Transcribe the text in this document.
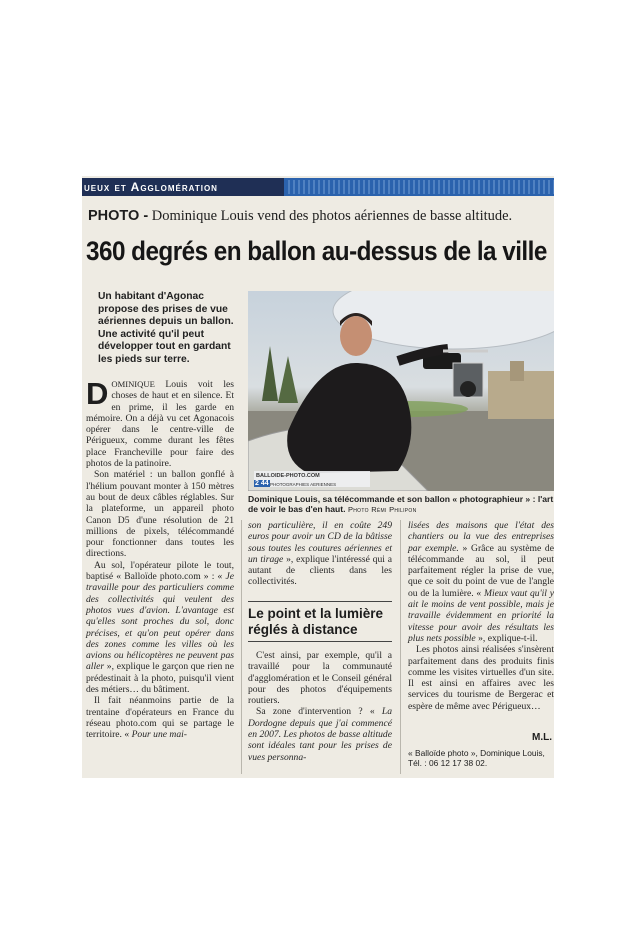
ueux et Agglomération
PHOTO - Dominique Louis vend des photos aériennes de basse altitude.
360 degrés en ballon au-dessus de la ville
Un habitant d'Agonac propose des prises de vue aériennes depuis un ballon. Une activité qu'il peut développer tout en gardant les pieds sur terre.

DOMINIQUE Louis voit les choses de haut et en silence. Et en prime, il les garde en mémoire. On a déjà vu cet Agonacois opérer dans le centre-ville de Périgueux, comme durant les fêtes place Francheville pour faire des photos de la patinoire.

Son matériel : un ballon gonflé à l'hélium pouvant monter à 150 mètres au bout de deux câbles réglables. Sur la plateforme, un appareil photo Canon D5 d'une résolution de 21 millions de pixels, télécommandé pour fonctionner dans toutes les directions.

Au sol, l'opérateur pilote le tout, baptisé « Balloïde photo.com » : « Je travaille pour des particuliers comme des collectivités qui veulent des photos vues d'avion. L'avantage est qu'elles sont proches du sol, donc précises, et qu'on peut opérer dans des zones comme les villes où les avions ou hélicoptères ne peuvent pas aller », explique le garçon que rien ne prédestinait à la photo, puisqu'il vient des métiers… du bâtiment.

Il fait néanmoins partie de la trentaine d'opérateurs en France du réseau photo.com qui se partage le territoire. « Pour une mai-

BALLOIDE-PHOTO.COM
PHOTOGRAPHIES AERIENNES
2 44
Dominique Louis, sa télécommande et son ballon « photographieur » : l'art de voir le bas d'en haut. Photo Rémi Philipon

son particulière, il en coûte 249 euros pour avoir un CD de la bâtisse sous toutes les coutures aériennes et un tirage », explique l'intéressé qui a autant de clients dans les collectivités.

Le point et la lumière réglés à distance

C'est ainsi, par exemple, qu'il a travaillé pour la communauté d'agglomération et le Conseil général pour des photos d'équipements routiers.

Sa zone d'intervention ? « La Dordogne depuis que j'ai commencé en 2007. Les photos de basse altitude sont idéales tant pour les prises de vues personna-

lisées des maisons que l'état des chantiers ou la vue des entreprises par exemple. » Grâce au système de télécommande au sol, il peut parfaitement régler la prise de vue, que ce soit du point de vue de l'angle ou de la lumière. « Mieux vaut qu'il y ait le moins de vent possible, mais je travaille évidemment en priorité la vitesse pour avoir des résultats les plus nets possible », explique-t-il.

Les photos ainsi réalisées s'insèrent parfaitement dans des produits finis comme les visites virtuelles d'un site. Il est ainsi en affaires avec les services du tourisme de Bergerac et espère de même avec Périgueux…

M.L.
« Balloïde photo », Dominique Louis, Tél. : 06 12 17 38 02.
